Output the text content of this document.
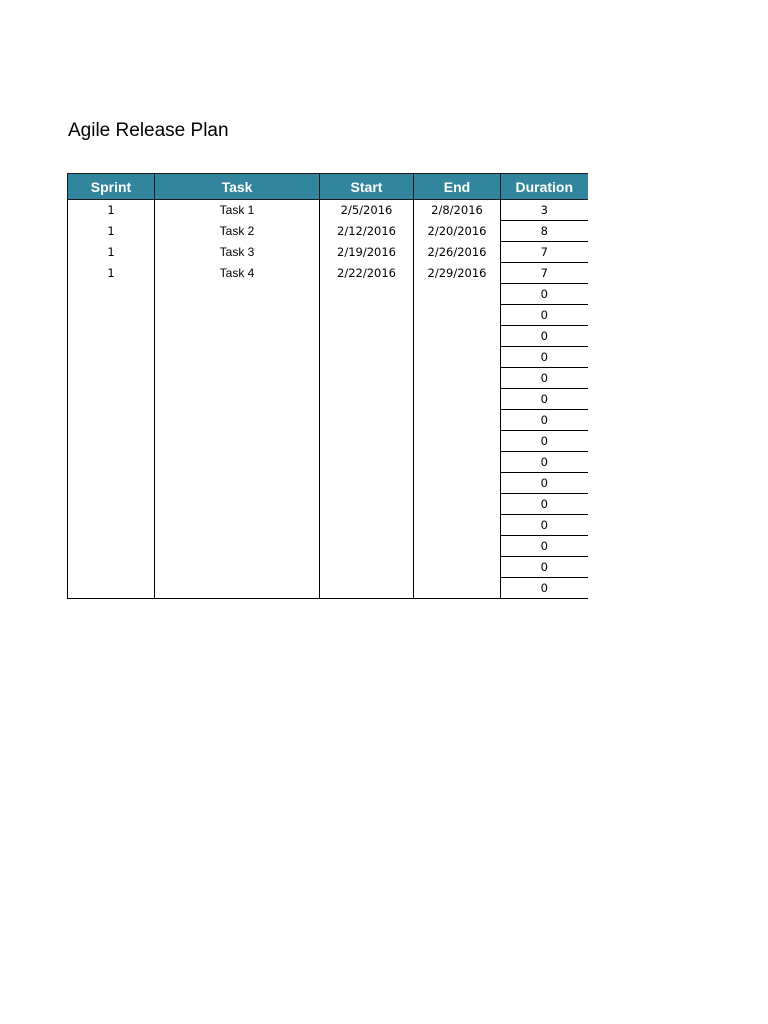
Agile Release Plan
Sprint	Task	Start	End	Duration
1	Task 1	2/5/2016	2/8/2016	3
1	Task 2	2/12/2016	2/20/2016	8
1	Task 3	2/19/2016	2/26/2016	7
1	Task 4	2/22/2016	2/29/2016	7
				0
				0
				0
				0
				0
				0
				0
				0
				0
				0
				0
				0
				0
				0
				0
